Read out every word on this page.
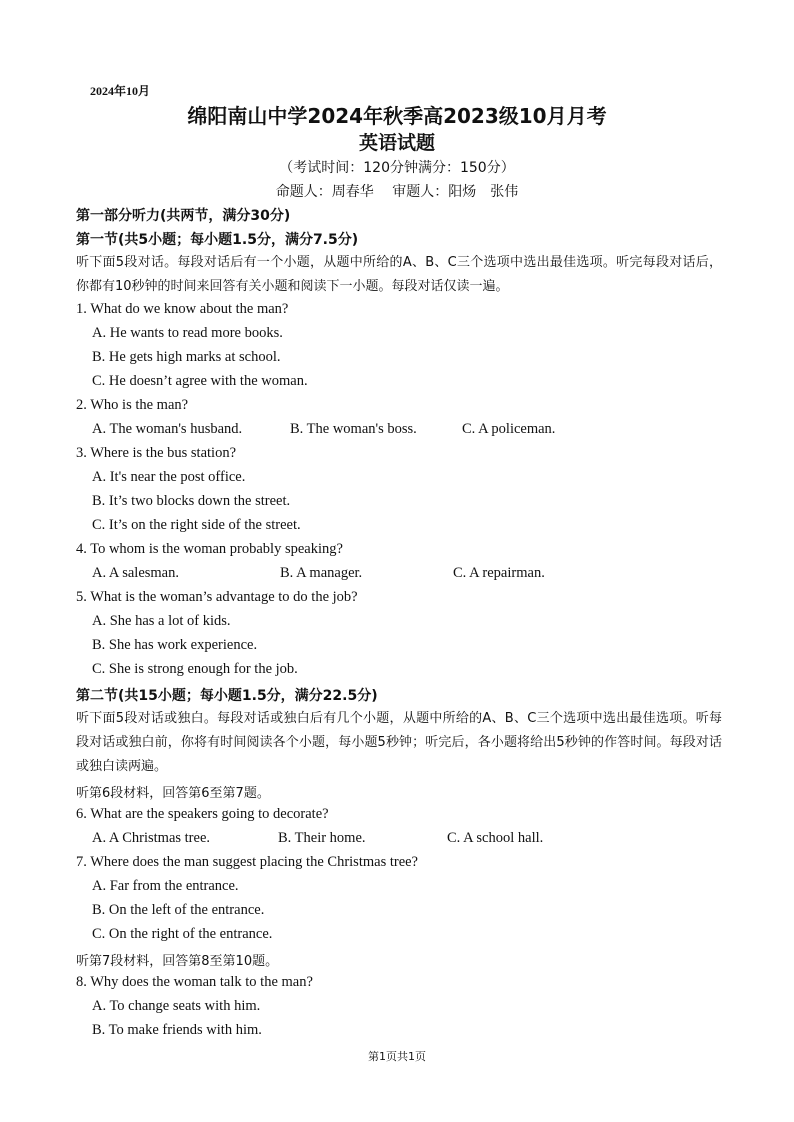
2024年10月
绵阳南山中学2024年秋季高2023级10月月考
英语试题
（考试时间：120分钟满分：150分）
命题人：周春华　 审题人：阳炀　张伟
第一部分听力(共两节，满分30分)
第一节(共5小题；每小题1.5分，满分7.5分)
听下面5段对话。每段对话后有一个小题，从题中所给的A、B、C三个选项中选出最佳选项。听完每段对话后，你都有10秒钟的时间来回答有关小题和阅读下一小题。每段对话仅读一遍。
1. What do we know about the man?
A. He wants to read more books.
B. He gets high marks at school.
C. He doesn’t agree with the woman.
2. Who is the man?
A. The woman's husband.	B. The woman's boss.	C. A policeman.
3. Where is the bus station?
A. It's near the post office.
B. It’s two blocks down the street.
C. It’s on the right side of the street.
4. To whom is the woman probably speaking?
A. A salesman.	B. A manager.	C. A repairman.
5. What is the woman’s advantage to do the job?
A. She has a lot of kids.
B. She has work experience.
C. She is strong enough for the job.
第二节(共15小题；每小题1.5分，满分22.5分)
听下面5段对话或独白。每段对话或独白后有几个小题，从题中所给的A、B、C三个选项中选出最佳选项。听每段对话或独白前，你将有时间阅读各个小题，每小题5秒钟；听完后，各小题将给出5秒钟的作答时间。每段对话或独白读两遍。
听第6段材料，回答第6至第7题。
6. What are the speakers going to decorate?
A. A Christmas tree.	B. Their home.	C. A school hall.
7. Where does the man suggest placing the Christmas tree?
A. Far from the entrance.
B. On the left of the entrance.
C. On the right of the entrance.
听第7段材料，回答第8至第10题。
8. Why does the woman talk to the man?
A. To change seats with him.
B. To make friends with him.
第1页共1页
